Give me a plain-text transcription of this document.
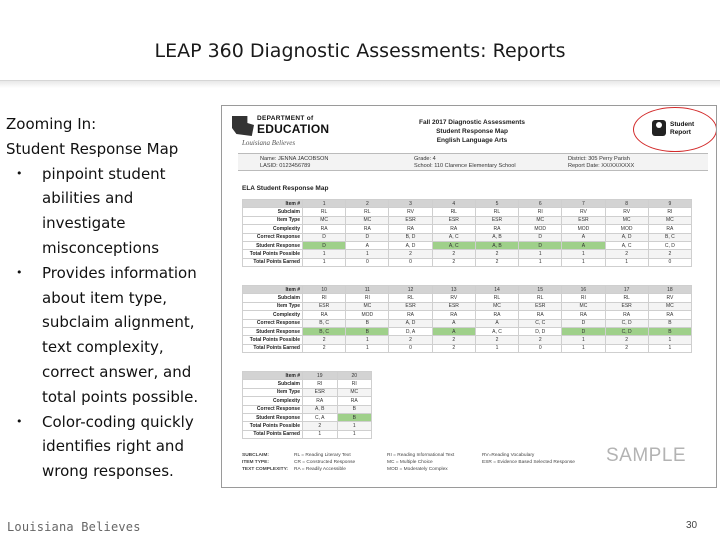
LEAP 360 Diagnostic Assessments: Reports
Zooming In:
Student Response Map
• pinpoint student
abilities and
investigate
misconceptions
• Provides information
about item type,
subclaim alignment,
text complexity,
correct answer, and
total points possible.
• Color-coding quickly
identifies right and
wrong responses.
DEPARTMENT of
EDUCATION
Louisiana Believes
Fall 2017 Diagnostic Assessments
Student Response Map
English Language Arts
Student
Report
Name: JENNA JACOBSON
LASID: 0123456789
Grade: 4
School: 110 Clarence Elementary School
District: 305 Perry Parish
Report Date: XX/XX/XXXX
ELA Student Response Map
Item #	1	2	3	4	5	6	7	8	9
Subclaim	RL	RL	RV	RL	RL	RI	RV	RV	RI
Item Type	MC	MC	ESR	ESR	ESR	MC	ESR	MC	MC
Complexity	RA	RA	RA	RA	RA	MOD	MOD	MOD	RA
Correct Response	D	D	B, D	A, C	A, B	D	A	A, D	B, C
Student Response	D	A	A, D	A, C	A, B	D	A	A, C	C, D
Total Points Possible	1	1	2	2	2	1	1	2	2
Total Points Earned	1	0	0	2	2	1	1	1	0
Item #	10	11	12	13	14	15	16	17	18
Subclaim	RI	RI	RL	RV	RL	RL	RI	RL	RV
Item Type	ESR	MC	ESR	ESR	MC	ESR	MC	ESR	MC
Complexity	RA	MOD	RA	RA	RA	RA	RA	RA	RA
Correct Response	B, C	B	A, D	A	A	C, C	D	C, D	B
Student Response	B, C	B	D, A	A	A, C	D, D	D	C, D	B
Total Points Possible	2	1	2	2	2	2	1	2	1
Total Points Earned	2	1	0	2	1	0	1	2	1
Item #	19	20
Subclaim	RI	RI
Item Type	ESR	MC
Complexity	RA	RA
Correct Response	A, B	B
Student Response	C, A	B
Total Points Possible	2	1
Total Points Earned	1	1
SUBCLAIM:	RL = Reading Literary Text	RI = Reading Informational Text	RV=Reading Vocabulary
ITEM TYPE:	CR = Constructed Response	MC = Multiple Choice	ESR = Evidence Based Selected Response
TEXT COMPLEXITY: RA = Readily Accessible	MOD = Moderately Complex
SAMPLE
Louisiana Believes	30
